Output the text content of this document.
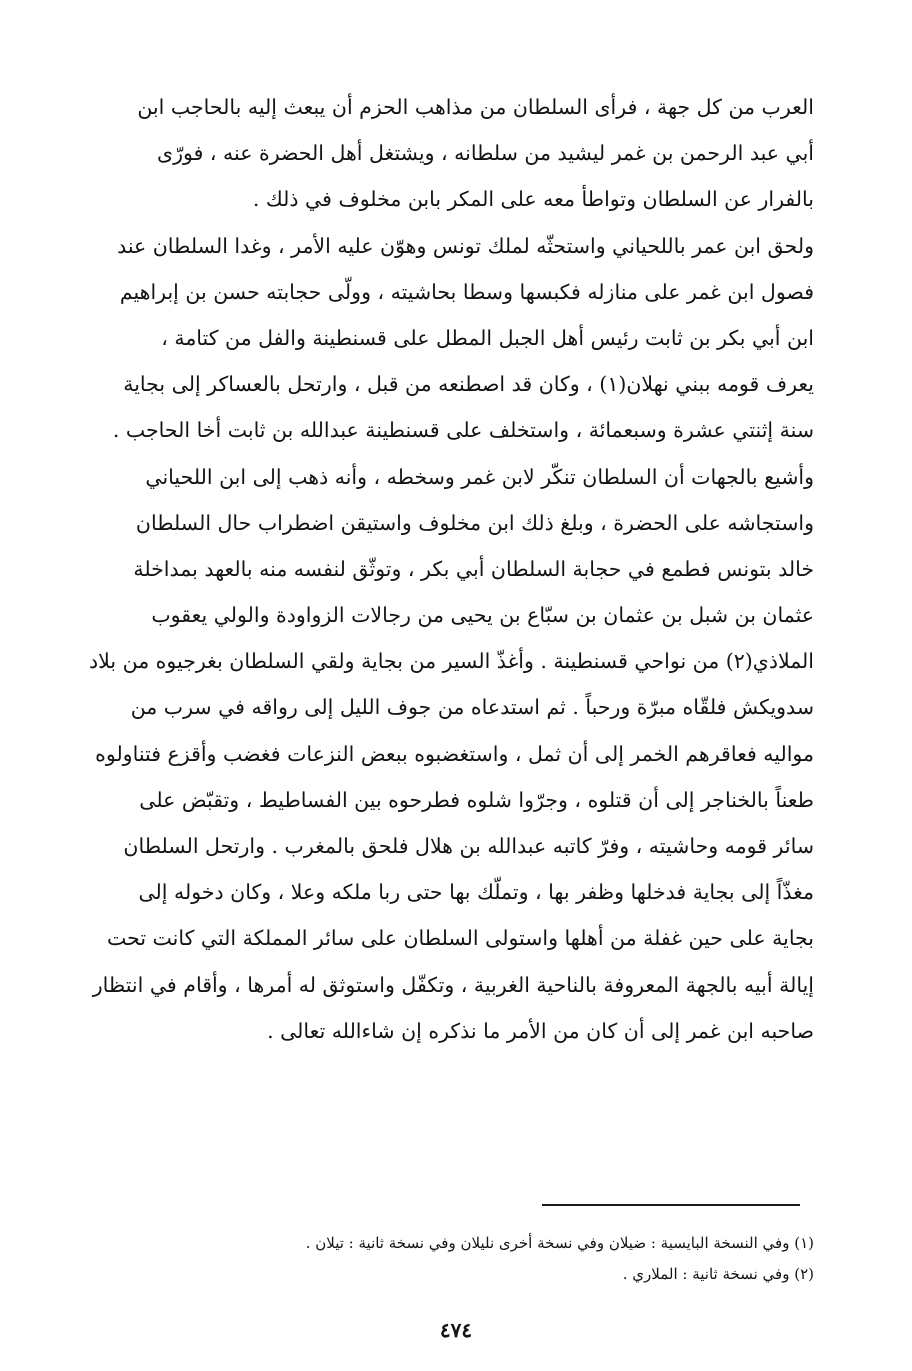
العرب من كل جهة ، فرأى السلطان من مذاهب الحزم أن يبعث إليه بالحاجب ابن
أبي عبد الرحمن بن غمر ليشيد من سلطانه ، ويشتغل أهل الحضرة عنه ، فورّى
بالفرار عن السلطان وتواطأ معه على المكر بابن مخلوف في ذلك .
ولحق ابن عمر باللحياني واستحثّه لملك تونس وهوّن عليه الأمر ، وغدا السلطان عند
فصول ابن غمر على منازله فكبسها وسطا بحاشيته ، وولّى حجابته حسن بن إبراهيم
ابن أبي بكر بن ثابت رئيس أهل الجبل المطل على قسنطينة والفل من كتامة ،
يعرف قومه ببني نهلان(١) ، وكان قد اصطنعه من قبل ، وارتحل بالعساكر إلى بجاية
سنة إثنتي عشرة وسبعمائة ، واستخلف على قسنطينة عبدالله بن ثابت أخا الحاجب .
وأشيع بالجهات أن السلطان تنكّر لابن غمر وسخطه ، وأنه ذهب إلى ابن اللحياني
واستجاشه على الحضرة ، وبلغ ذلك ابن مخلوف واستيقن اضطراب حال السلطان
خالد بتونس فطمع في حجابة السلطان أبي بكر ، وتوثّق لنفسه منه بالعهد بمداخلة
عثمان بن شبل بن عثمان بن سبّاع بن يحيى من رجالات الزواودة والولي يعقوب
الملاذي(٢) من نواحي قسنطينة . وأغذّ السير من بجاية ولقي السلطان بغرجيوه من بلاد
سدويكش فلقّاه مبرّة ورحباً . ثم استدعاه من جوف الليل إلى رواقه في سرب من
مواليه فعاقرهم الخمر إلى أن ثمل ، واستغضبوه ببعض النزعات فغضب وأقزع فتناولوه
طعناً بالخناجر إلى أن قتلوه ، وجرّوا شلوه فطرحوه بين الفساطيط ، وتقبّض على
سائر قومه وحاشيته ، وفرّ كاتبه عبدالله بن هلال فلحق بالمغرب . وارتحل السلطان
مغذّاً إلى بجاية فدخلها وظفر بها ، وتملّك بها حتى ربا ملكه وعلا ، وكان دخوله إلى
بجاية على حين غفلة من أهلها واستولى السلطان على سائر المملكة التي كانت تحت
إيالة أبيه بالجهة المعروفة بالناحية الغربية ، وتكفّل واستوثق له أمرها ، وأقام في انتظار
صاحبه ابن غمر إلى أن كان من الأمر ما نذكره إن شاءالله تعالى .
(١) وفي النسخة البايسية : ضيلان وفي نسخة أخرى نليلان وفي نسخة ثانية : تيلان .
(٢) وفي نسخة ثانية : الملاري .
٤٧٤
